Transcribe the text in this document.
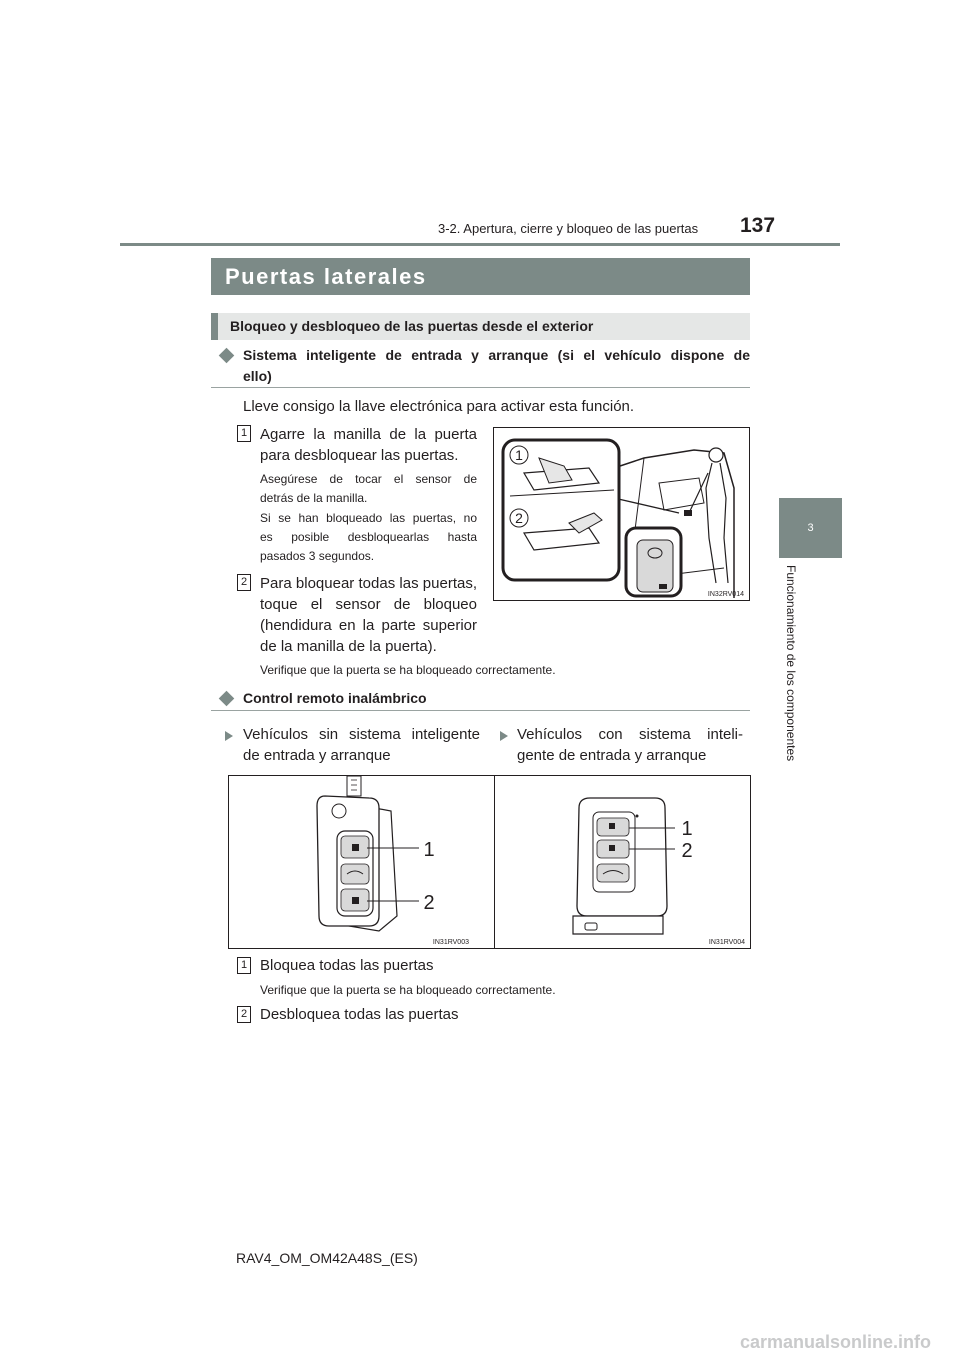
3-2. Apertura, cierre y bloqueo de las puertas 137
3
Funcionamiento de los componentes
Puertas laterales
Bloqueo y desbloqueo de las puertas desde el exterior
Sistema inteligente de entrada y arranque (si el vehículo dispone de
ello)
Lleve consigo la llave electrónica para activar esta función.
1 Agarre la manilla de la puerta
para desbloquear las puertas.
Asegúrese de tocar el sensor de
detrás de la manilla.
Si se han bloqueado las puertas, no
es posible desbloquearlas hasta
pasados 3 segundos.
2 Para bloquear todas las puertas,
toque el sensor de bloqueo
(hendidura en la parte superior
de la manilla de la puerta).
Verifique que la puerta se ha bloqueado correctamente.
1
2
IN32RV014
Control remoto inalámbrico
Vehículos sin sistema inteligente
de entrada y arranque
Vehículos con sistema inteli-
gente de entrada y arranque
1
2
IN31RV003
1
2
IN31RV004
1 Bloquea todas las puertas
Verifique que la puerta se ha bloqueado correctamente.
2 Desbloquea todas las puertas
RAV4_OM_OM42A48S_(ES)
carmanualsonline.info
